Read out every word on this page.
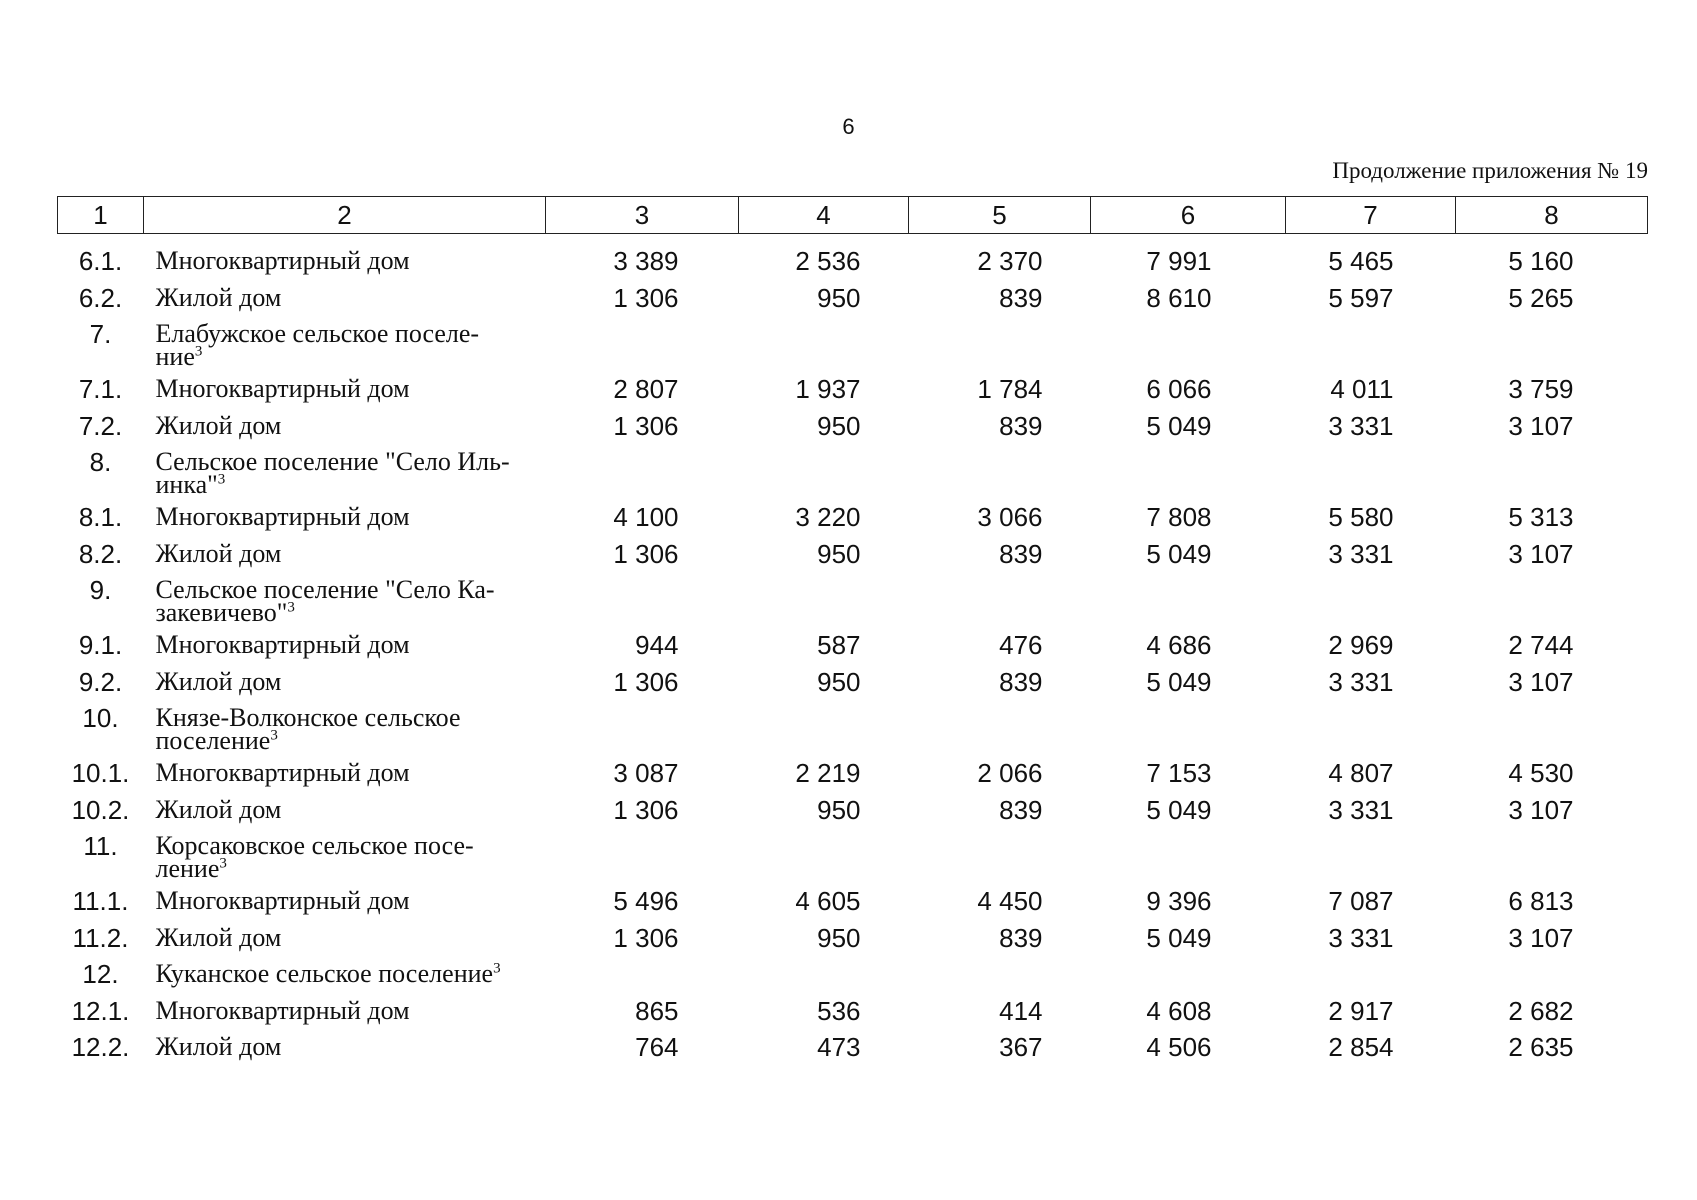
6
Продолжение приложения № 19
1	2	3	4	5	6	7	8

6.1.	Многоквартирный дом	3 389	2 536	2 370	7 991	5 465	5 160
6.2.	Жилой дом	1 306	950	839	8 610	5 597	5 265
7.	Елабужское сельское поселе-
ние$^3$	
7.1.	Многоквартирный дом	2 807	1 937	1 784	6 066	4 011	3 759
7.2.	Жилой дом	1 306	950	839	5 049	3 331	3 107
8.	Сельское поселение "Село Иль-
инка"$^3$	
8.1.	Многоквартирный дом	4 100	3 220	3 066	7 808	5 580	5 313
8.2.	Жилой дом	1 306	950	839	5 049	3 331	3 107
9.	Сельское поселение "Село Ка-
закевичево"$^3$	
9.1.	Многоквартирный дом	944	587	476	4 686	2 969	2 744
9.2.	Жилой дом	1 306	950	839	5 049	3 331	3 107
10.	Князе-Волконское сельское
поселение$^3$	
10.1.	Многоквартирный дом	3 087	2 219	2 066	7 153	4 807	4 530
10.2.	Жилой дом	1 306	950	839	5 049	3 331	3 107
11.	Корсаковское сельское посе-
ление$^3$	
11.1.	Многоквартирный дом	5 496	4 605	4 450	9 396	7 087	6 813
11.2.	Жилой дом	1 306	950	839	5 049	3 331	3 107
12.	Куканское сельское поселение$^3$	
12.1.	Многоквартирный дом	865	536	414	4 608	2 917	2 682
12.2.	Жилой дом	764	473	367	4 506	2 854	2 635
